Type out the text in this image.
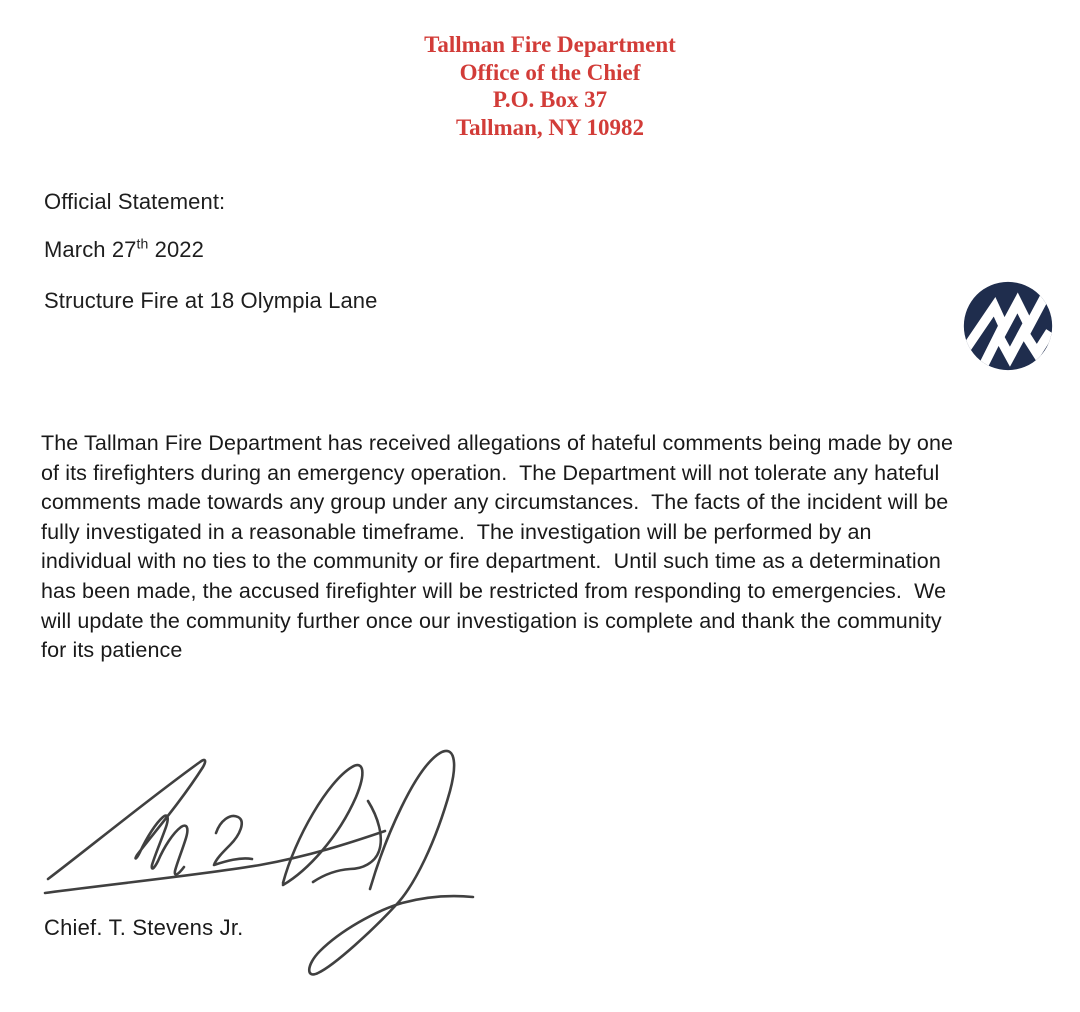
Tallman Fire Department
Office of the Chief
P.O. Box 37
Tallman, NY 10982
Official Statement:
March 27th 2022
Structure Fire at 18 Olympia Lane
The Tallman Fire Department has received allegations of hateful comments being made by one
of its firefighters during an emergency operation.  The Department will not tolerate any hateful
comments made towards any group under any circumstances.  The facts of the incident will be
fully investigated in a reasonable timeframe.  The investigation will be performed by an
individual with no ties to the community or fire department.  Until such time as a determination
has been made, the accused firefighter will be restricted from responding to emergencies.  We
will update the community further once our investigation is complete and thank the community
for its patience
Chief. T. Stevens Jr.
